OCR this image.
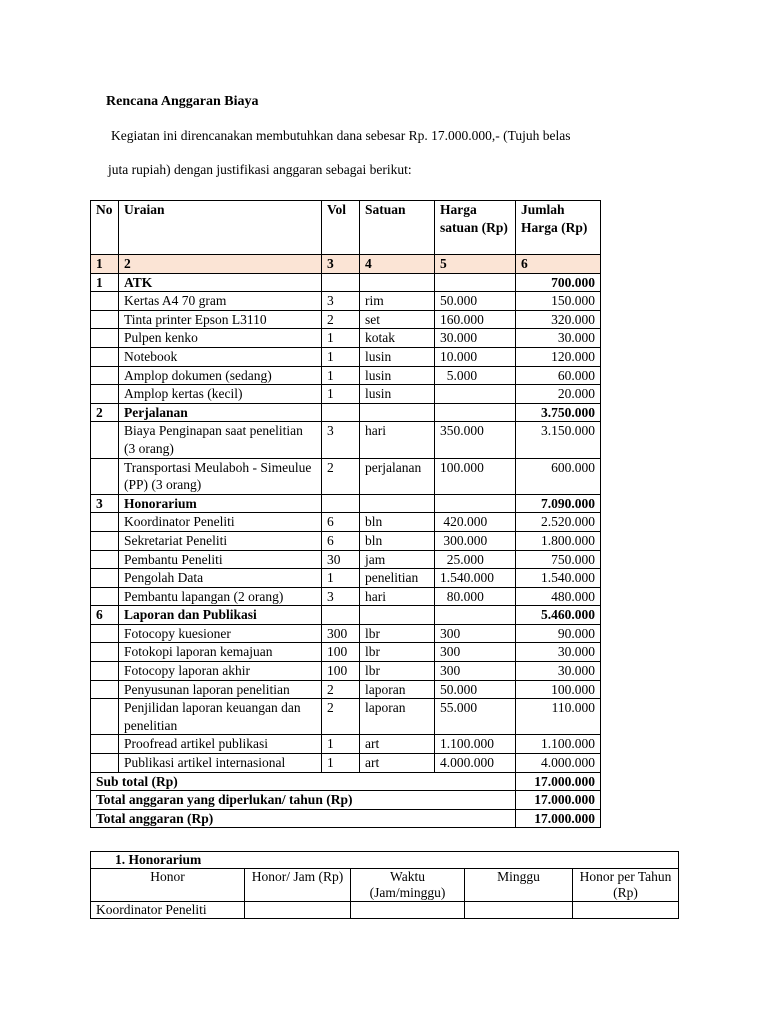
Rencana Anggaran Biaya
Kegiatan ini direncanakan membutuhkan dana sebesar Rp. 17.000.000,- (Tujuh belas
juta rupiah) dengan justifikasi anggaran sebagai berikut:
No	Uraian	Vol	Satuan	Harga satuan (Rp)	Jumlah Harga (Rp)
1	2	3	4	5	6
1	ATK				700.000
	Kertas A4 70 gram	3	rim	50.000	150.000
	Tinta printer Epson L3110	2	set	160.000	320.000
	Pulpen kenko	1	kotak	30.000	30.000
	Notebook	1	lusin	10.000	120.000
	Amplop dokumen (sedang)	1	lusin	5.000	60.000
	Amplop kertas (kecil)	1	lusin		20.000
2	Perjalanan				3.750.000
	Biaya Penginapan saat penelitian (3 orang)	3	hari	350.000	3.150.000
	Transportasi Meulaboh - Simeulue (PP) (3 orang)	2	perjalanan	100.000	600.000
3	Honorarium				7.090.000
	Koordinator Peneliti	6	bln	420.000	2.520.000
	Sekretariat Peneliti	6	bln	300.000	1.800.000
	Pembantu Peneliti	30	jam	25.000	750.000
	Pengolah Data	1	penelitian	1.540.000	1.540.000
	Pembantu lapangan (2 orang)	3	hari	80.000	480.000
6	Laporan dan Publikasi				5.460.000
	Fotocopy kuesioner	300	lbr	300	90.000
	Fotokopi laporan kemajuan	100	lbr	300	30.000
	Fotocopy laporan akhir	100	lbr	300	30.000
	Penyusunan laporan penelitian	2	laporan	50.000	100.000
	Penjilidan laporan keuangan dan penelitian	2	laporan	55.000	110.000
	Proofread artikel publikasi	1	art	1.100.000	1.100.000
	Publikasi artikel internasional	1	art	4.000.000	4.000.000
Sub total (Rp)					17.000.000
Total anggaran yang diperlukan/ tahun (Rp)					17.000.000
Total anggaran (Rp)					17.000.000
1. Honorarium				
Honor	Honor/ Jam (Rp)	Waktu (Jam/minggu)	Minggu	Honor per Tahun (Rp)
Koordinator Peneliti				
